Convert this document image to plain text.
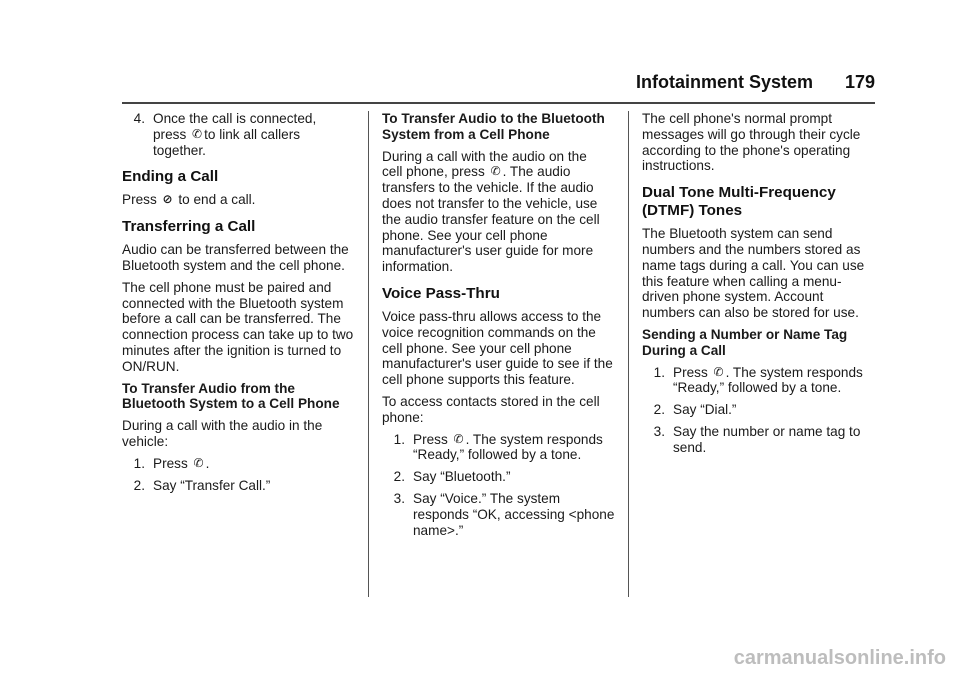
Infotainment System 179
4. Once the call is connected,
press ✆ to link all callers
together.
Ending a Call

Press ⊘ to end a call.

Transferring a Call

Audio can be transferred between the Bluetooth system and the cell phone.

The cell phone must be paired and connected with the Bluetooth system before a call can be transferred. The connection process can take up to two minutes after the ignition is turned to ON/RUN.

To Transfer Audio from the Bluetooth System to a Cell Phone

During a call with the audio in the vehicle:

1. Press ✆ .
2. Say “Transfer Call.”

To Transfer Audio to the Bluetooth System from a Cell Phone

During a call with the audio on the
cell phone, press ✆ . The audio transfers to the vehicle. If the audio does not transfer to the vehicle, use the audio transfer feature on the cell phone. See your cell phone manufacturer's user guide for more information.

Voice Pass-Thru

Voice pass-thru allows access to the voice recognition commands on the cell phone. See your cell phone manufacturer's user guide to see if the cell phone supports this feature.

To access contacts stored in the cell phone:

1. Press ✆ . The system responds “Ready,” followed by a tone.
2. Say “Bluetooth.”
3. Say “Voice.” The system responds “OK, accessing <phone name>.”

The cell phone's normal prompt messages will go through their cycle according to the phone's operating instructions.

Dual Tone Multi-Frequency (DTMF) Tones

The Bluetooth system can send numbers and the numbers stored as name tags during a call. You can use this feature when calling a menu-driven phone system. Account numbers can also be stored for use.

Sending a Number or Name Tag During a Call

1. Press ✆ . The system responds “Ready,” followed by a tone.
2. Say “Dial.”
3. Say the number or name tag to send.
carmanualsonline.info
